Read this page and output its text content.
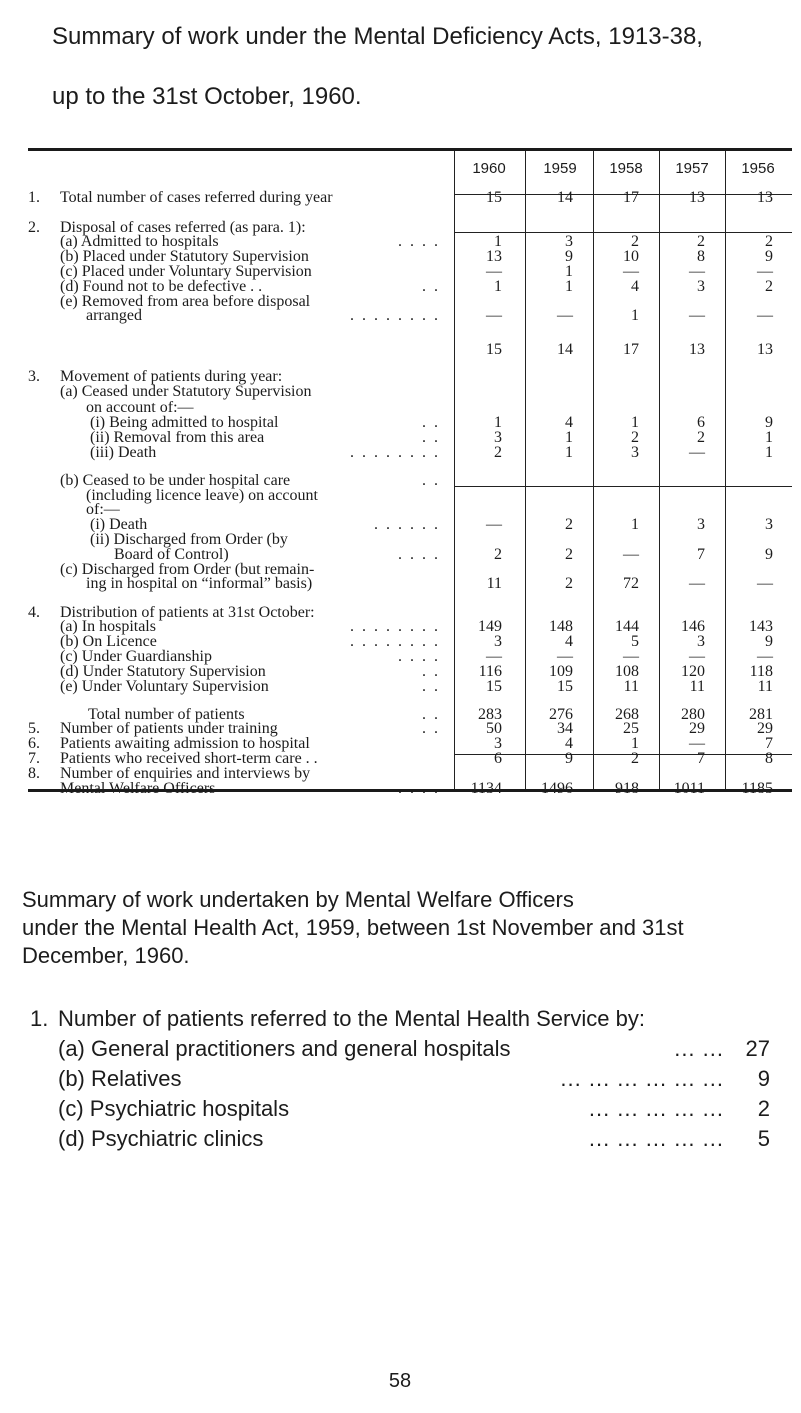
Summary of work under the Mental Deficiency Acts, 1913-38,
up to the 31st October, 1960.
1960	1959	1958	1957	1956
1.	Total number of cases referred during year	15	14	17	13	13
2.	Disposal of cases referred (as para. 1):
(a) Admitted to hospitals	. . . .	1	3	2	2	2
(b) Placed under Statutory Supervision	13	9	10	8	9
(c) Placed under Voluntary Supervision	—	1	—	—	—
(d) Found not to be defective . .	. .	1	1	4	3	2
(e) Removed from area before disposal
arranged	. . . . . . . .	—	—	1	—	—
15	14	17	13	13
3.	Movement of patients during year:
(a) Ceased under Statutory Supervision
on account of:—
(i) Being admitted to hospital	. .	1	4	1	6	9
(ii) Removal from this area	. .	3	1	2	2	1
(iii) Death	. . . . . . . .	2	1	3	—	1
(b) Ceased to be under hospital care	. .
(including licence leave) on account
of:—
(i) Death	. . . . . .	—	2	1	3	3
(ii) Discharged from Order (by
Board of Control)	. . . .	2	2	—	7	9
(c) Discharged from Order (but remain-
ing in hospital on “informal” basis)	11	2	72	—	—
4.	Distribution of patients at 31st October:
(a) In hospitals	. . . . . . . .	149	148	144	146	143
(b) On Licence	. . . . . . . .	3	4	5	3	9
(c) Under Guardianship	. . . .	—	—	—	—	—
(d) Under Statutory Supervision	. .	116	109	108	120	118
(e) Under Voluntary Supervision	. .	15	15	11	11	11
Total number of patients	. .	283	276	268	280	281
5.	Number of patients under training	. .	50	34	25	29	29
6.	Patients awaiting admission to hospital	3	4	1	—	7
7.	Patients who received short-term care . .	6	9	2	7	8
8.	Number of enquiries and interviews by
Mental Welfare Officers	. . . .	1134	1496	918	1011	1185
Summary of work undertaken by Mental Welfare Officers
under the Mental Health Act, 1959, between 1st November and 31st
December, 1960.
1. Number of patients referred to the Mental Health Service by:
(a) General practitioners and general hospitals	... ... 27
(b) Relatives	... ... ... ... ... ...	9
(c) Psychiatric hospitals	... ... ... ... ...	2
(d) Psychiatric clinics	... ... ... ... ...	5
58
